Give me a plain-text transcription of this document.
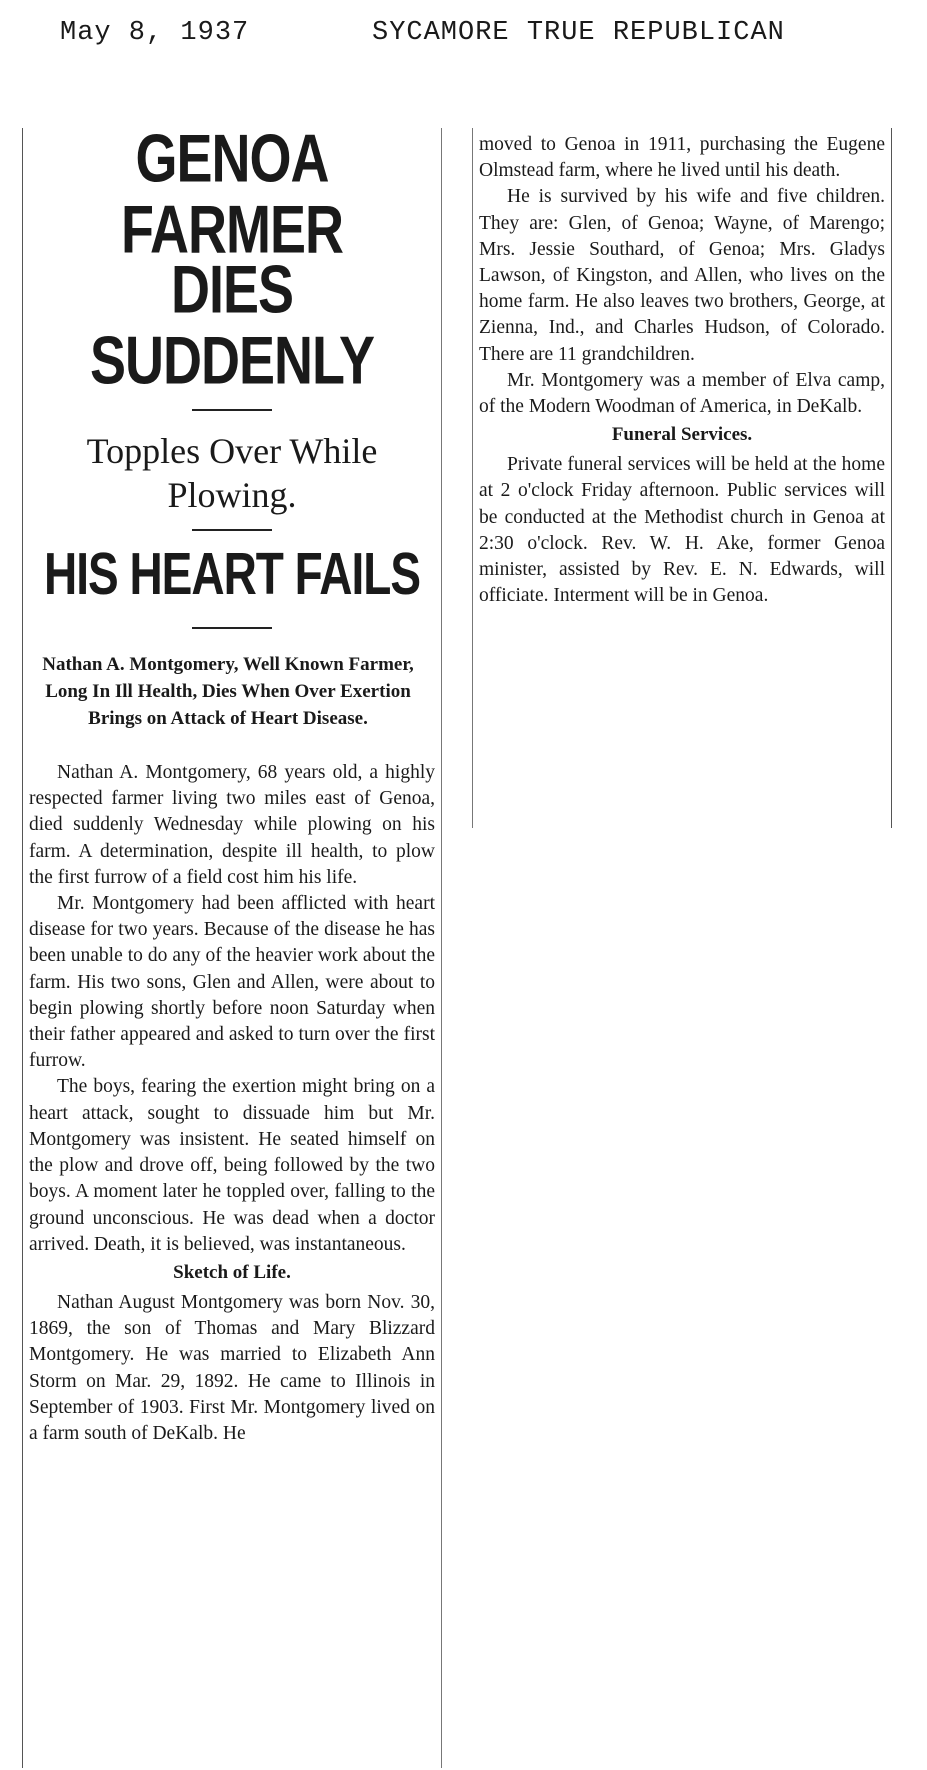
May 8, 1937	SYCAMORE TRUE REPUBLICAN
GENOA FARMER
DIES SUDDENLY
Topples Over While Plowing.
HIS HEART FAILS
Nathan A. Montgomery, Well Known Farmer, Long In Ill Health, Dies When Over Exertion Brings on Attack of Heart Disease.

Nathan A. Montgomery, 68 years old, a highly respected farmer living two miles east of Genoa, died suddenly Wednesday while plowing on his farm. A determination, despite ill health, to plow the first furrow of a field cost him his life.

Mr. Montgomery had been afflicted with heart disease for two years. Because of the disease he has been unable to do any of the heavier work about the farm. His two sons, Glen and Allen, were about to begin plowing shortly before noon Saturday when their father appeared and asked to turn over the first furrow.

The boys, fearing the exertion might bring on a heart attack, sought to dissuade him but Mr. Montgomery was insistent. He seated himself on the plow and drove off, being followed by the two boys. A moment later he toppled over, falling to the ground unconscious. He was dead when a doctor arrived. Death, it is believed, was instantaneous.

Sketch of Life.

Nathan August Montgomery was born Nov. 30, 1869, the son of Thomas and Mary Blizzard Montgomery. He was married to Elizabeth Ann Storm on Mar. 29, 1892. He came to Illinois in September of 1903. First Mr. Montgomery lived on a farm south of DeKalb. He

moved to Genoa in 1911, purchasing the Eugene Olmstead farm, where he lived until his death.

He is survived by his wife and five children. They are: Glen, of Genoa; Wayne, of Marengo; Mrs. Jessie Southard, of Genoa; Mrs. Gladys Lawson, of Kingston, and Allen, who lives on the home farm. He also leaves two brothers, George, at Zienna, Ind., and Charles Hudson, of Colorado. There are 11 grandchildren.

Mr. Montgomery was a member of Elva camp, of the Modern Woodman of America, in DeKalb.

Funeral Services.

Private funeral services will be held at the home at 2 o'clock Friday afternoon. Public services will be conducted at the Methodist church in Genoa at 2:30 o'clock. Rev. W. H. Ake, former Genoa minister, assisted by Rev. E. N. Edwards, will officiate. Interment will be in Genoa.
